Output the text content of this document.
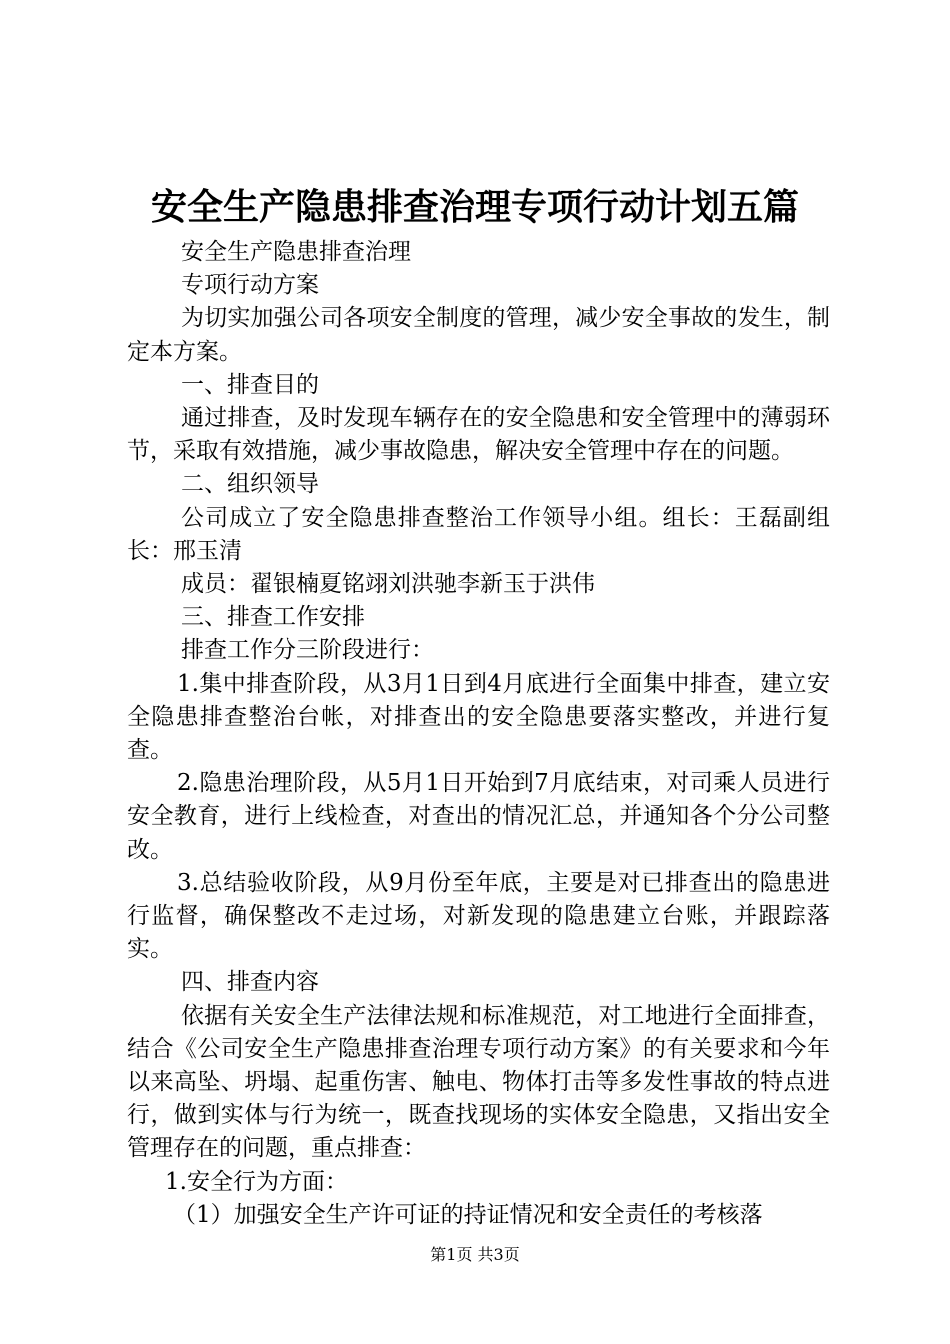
安全生产隐患排查治理专项行动计划五篇

安全生产隐患排查治理

专项行动方案

为切实加强公司各项安全制度的管理，减少安全事故的发生，制定本方案。

一、排查目的

通过排查，及时发现车辆存在的安全隐患和安全管理中的薄弱环节，采取有效措施，减少事故隐患，解决安全管理中存在的问题。

二、组织领导

公司成立了安全隐患排查整治工作领导小组。组长：王磊副组长：邢玉清

成员：翟银楠夏铭翊刘洪驰李新玉于洪伟

三、排查工作安排

排查工作分三阶段进行：

1.集中排查阶段，从3月1日到4月底进行全面集中排查，建立安全隐患排查整治台帐，对排查出的安全隐患要落实整改，并进行复查。

2.隐患治理阶段，从5月1日开始到7月底结束，对司乘人员进行安全教育，进行上线检查，对查出的情况汇总，并通知各个分公司整改。

3.总结验收阶段，从9月份至年底，主要是对已排查出的隐患进行监督，确保整改不走过场，对新发现的隐患建立台账，并跟踪落实。

四、排查内容

依据有关安全生产法律法规和标准规范，对工地进行全面排查，结合《公司安全生产隐患排查治理专项行动方案》的有关要求和今年以来高坠、坍塌、起重伤害、触电、物体打击等多发性事故的特点进行，做到实体与行为统一，既查找现场的实体安全隐患，又指出安全管理存在的问题，重点排查：

1.安全行为方面：

（1）加强安全生产许可证的持证情况和安全责任的考核落

第1页 共3页
